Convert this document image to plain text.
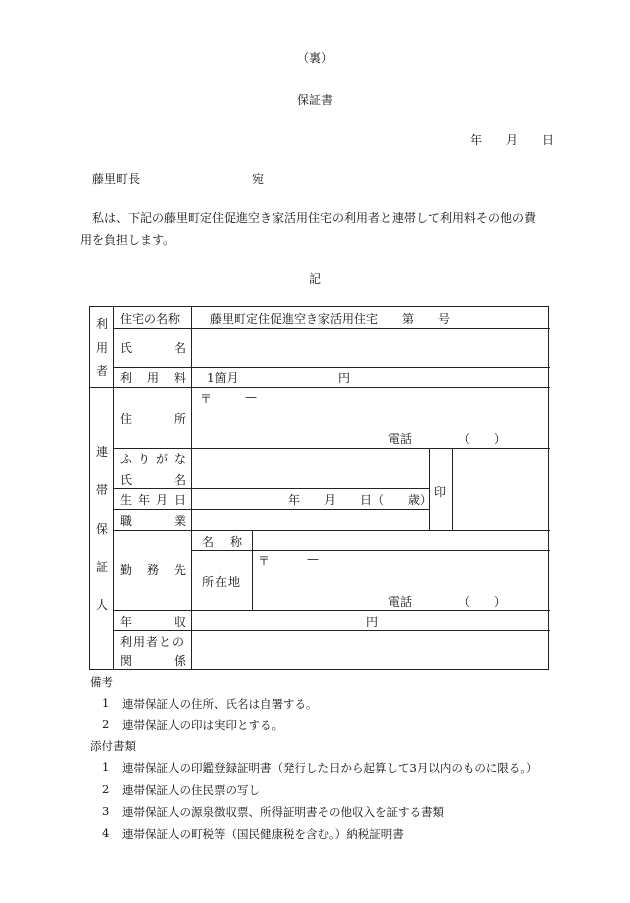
（裏）
保証書
年　　月　　日
藤里町長	宛
私は、下記の藤里町定住促進空き家活用住宅の利用者と連帯して利用料その他の費
用を負担します。
記
利
用
者
住宅の名称 藤里町定住促進空き家活用住宅　　第　　号
氏	名
利 用 料 1箇月	円
連
帯
保
証
人
住	所
〒	—
電話	（　　）
ふ り が な
氏	名
印
生 年 月 日	年　　月　　日（　　歳）
職	業
勤 務 先
名 称
所在地
〒	—
電話	（　　）
年	収	円
利用者との
関	係
備考
1 連帯保証人の住所、氏名は自署する。
2 連帯保証人の印は実印とする。
添付書類
1 連帯保証人の印鑑登録証明書（発行した日から起算して3月以内のものに限る。）
2 連帯保証人の住民票の写し
3 連帯保証人の源泉徴収票、所得証明書その他収入を証する書類
4 連帯保証人の町税等（国民健康税を含む。）納税証明書
